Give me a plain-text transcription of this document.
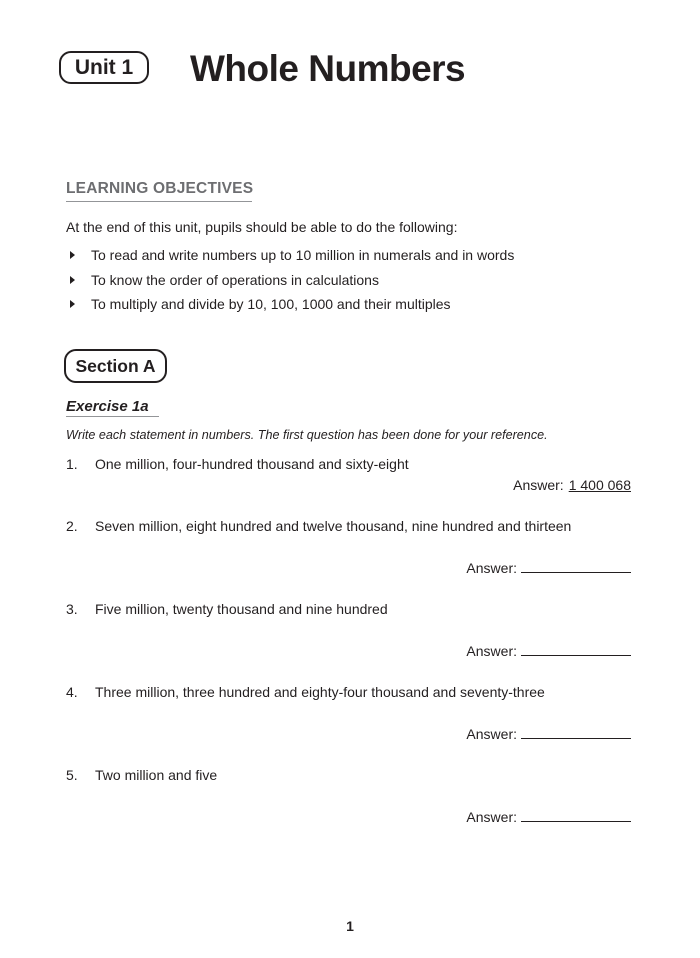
Unit 1 Whole Numbers
LEARNING OBJECTIVES
At the end of this unit, pupils should be able to do the following:
To read and write numbers up to 10 million in numerals and in words
To know the order of operations in calculations
To multiply and divide by 10, 100, 1000 and their multiples
Section A
Exercise 1a
Write each statement in numbers. The first question has been done for your reference.
1. One million, four-hundred thousand and sixty-eight
Answer: 1 400 068
2. Seven million, eight hundred and twelve thousand, nine hundred and thirteen
Answer:
3. Five million, twenty thousand and nine hundred
Answer:
4. Three million, three hundred and eighty-four thousand and seventy-three
Answer:
5. Two million and five
Answer:
1
